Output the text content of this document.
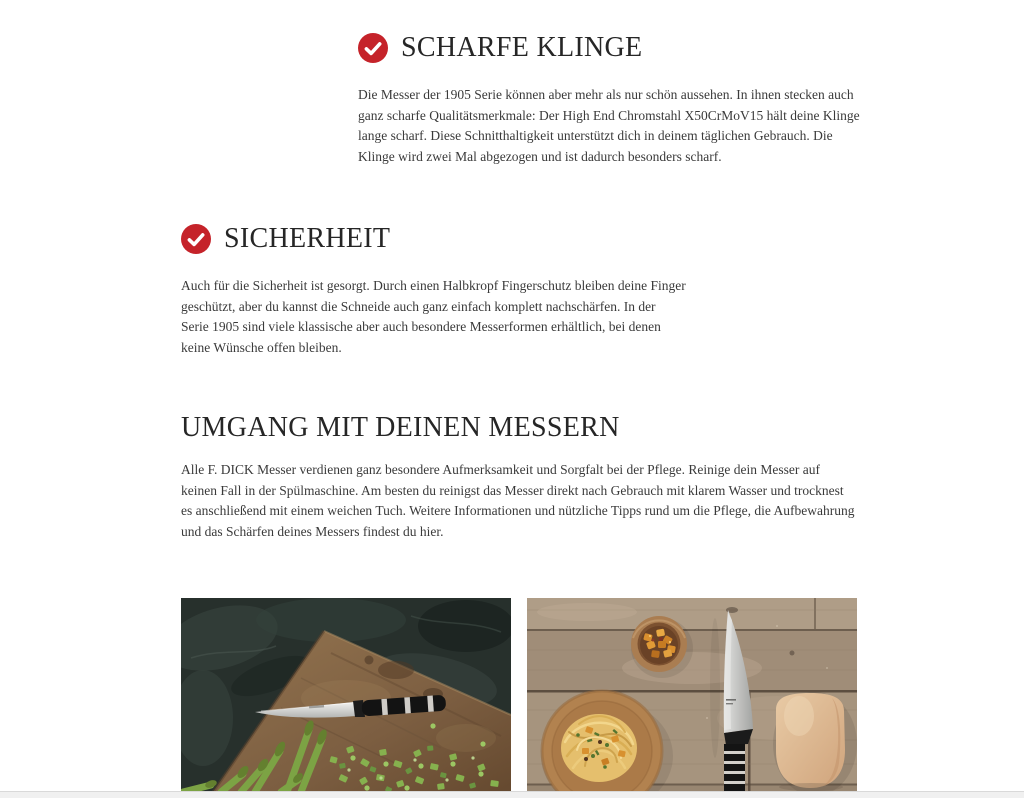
SCHARFE KLINGE

Die Messer der 1905 Serie können aber mehr als nur schön aussehen. In ihnen stecken auch ganz scharfe Qualitätsmerkmale: Der High End Chromstahl X50CrMoV15 hält deine Klinge lange scharf. Diese Schnitthaltigkeit unterstützt dich in deinem täglichen Gebrauch. Die Klinge wird zwei Mal abgezogen und ist dadurch besonders scharf.

SICHERHEIT

Auch für die Sicherheit ist gesorgt. Durch einen Halbkropf Fingerschutz bleiben deine Finger geschützt, aber du kannst die Schneide auch ganz einfach komplett nachschärfen. In der Serie 1905 sind viele klassische aber auch besondere Messerformen erhältlich, bei denen keine Wünsche offen bleiben.

UMGANG MIT DEINEN MESSERN

Alle F. DICK Messer verdienen ganz besondere Aufmerksamkeit und Sorgfalt bei der Pflege. Reinige dein Messer auf keinen Fall in der Spülmaschine. Am besten du reinigst das Messer direkt nach Gebrauch mit klarem Wasser und trocknest es anschließend mit einem weichen Tuch. Weitere Informationen und nützliche Tipps rund um die Pflege, die Aufbewahrung und das Schärfen deines Messers findest du hier.
